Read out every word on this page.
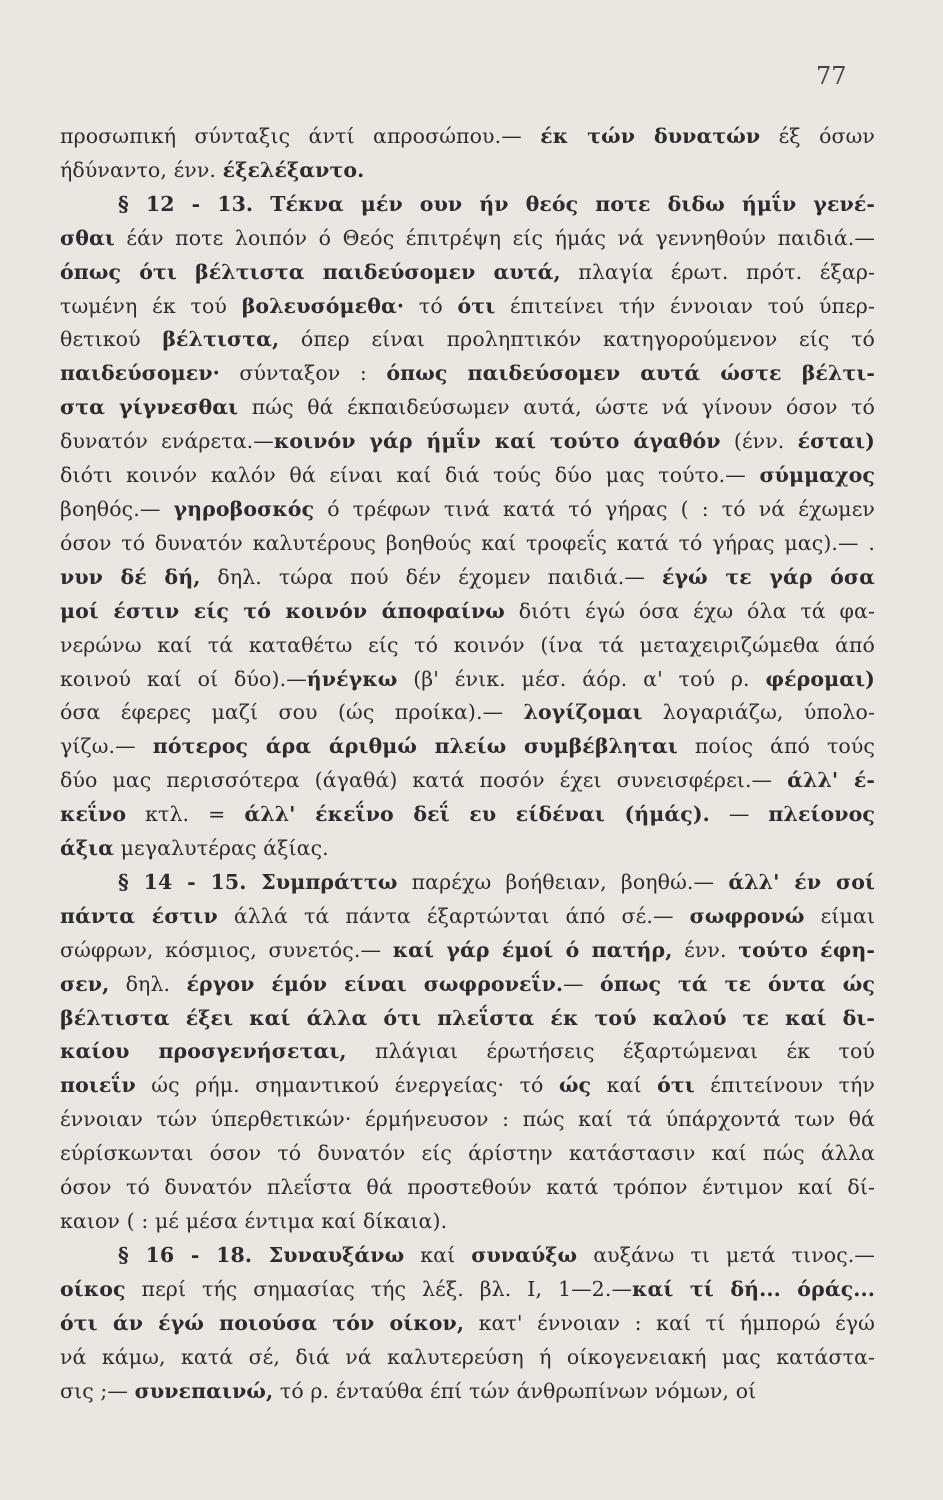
77
προσωπική σύνταξις άντί απροσώπου.— έκ τών δυνατών έξ όσων
ήδύναντο, ένν. έξελέξαντο.
§ 12 - 13. Τέκνα μέν ουν ήν θεός ποτε διδω ήμΐν γενέ-
σθαι έάν ποτε λοιπόν ό Θεός έπιτρέψη είς ήμάς νά γεννηθούν παιδιά.—
όπως ότι βέλτιστα παιδεύσομεν αυτά, πλαγία έρωτ. πρότ. έξαρ-
τωμένη έκ τού βολευσόμεθα· τό ότι έπιτείνει τήν έννοιαν τού ύπερ-
θετικού βέλτιστα, όπερ είναι προληπτικόν κατηγορούμενον είς τό
παιδεύσομεν· σύνταξον : όπως παιδεύσομεν αυτά ώστε βέλτι-
στα γίγνεσθαι πώς θά έκπαιδεύσωμεν αυτά, ώστε νά γίνουν όσον τό
δυνατόν ενάρετα.—κοινόν γάρ ήμΐν καί τούτο άγαθόν (ένν. έσται)
διότι κοινόν καλόν θά είναι καί διά τούς δύο μας τούτο.— σύμμαχος
βοηθός.— γηροβοσκός ό τρέφων τινά κατά τό γήρας ( : τό νά έχωμεν
όσον τό δυνατόν καλυτέρους βοηθούς καί τροφεΐς κατά τό γήρας μας).— .
νυν δέ δή, δηλ. τώρα πού δέν έχομεν παιδιά.— έγώ τε γάρ όσα
μοί έστιν είς τό κοινόν άποφαίνω διότι έγώ όσα έχω όλα τά φα-
νερώνω καί τά καταθέτω είς τό κοινόν (ίνα τά μεταχειριζώμεθα άπό
κοινού καί οί δύο).—ήνέγκω (β' ένικ. μέσ. άόρ. α' τού ρ. φέρομαι)
όσα έφερες μαζί σου (ώς προίκα).— λογίζομαι λογαριάζω, ύπολο-
γίζω.— πότερος άρα άριθμώ πλείω συμβέβληται ποίος άπό τούς
δύο μας περισσότερα (άγαθά) κατά ποσόν έχει συνεισφέρει.— άλλ' έ-
κεΐνο κτλ. = άλλ' έκεΐνο δεΐ ευ είδέναι (ήμάς). — πλείονος
άξια μεγαλυτέρας άξίας.
§ 14 - 15. Συμπράττω παρέχω βοήθειαν, βοηθώ.— άλλ' έν σοί
πάντα έστιν άλλά τά πάντα έξαρτώνται άπό σέ.— σωφρονώ είμαι
σώφρων, κόσμιος, συνετός.— καί γάρ έμοί ό πατήρ, ένν. τούτο έφη-
σεν, δηλ. έργον έμόν είναι σωφρονεΐν.— όπως τά τε όντα ώς
βέλτιστα έξει καί άλλα ότι πλεΐστα έκ τού καλού τε καί δι-
καίου προσγενήσεται, πλάγιαι έρωτήσεις έξαρτώμεναι έκ τού
ποιεΐν ώς ρήμ. σημαντικού ένεργείας· τό ώς καί ότι έπιτείνουν τήν
έννοιαν τών ύπερθετικών· έρμήνευσον : πώς καί τά ύπάρχοντά των θά
εύρίσκωνται όσον τό δυνατόν είς άρίστην κατάστασιν καί πώς άλλα
όσον τό δυνατόν πλεΐστα θά προστεθούν κατά τρόπον έντιμον καί δί-
καιον ( : μέ μέσα έντιμα καί δίκαια).
§ 16 - 18. Συναυξάνω καί συναύξω αυξάνω τι μετά τινος.—
οίκος περί τής σημασίας τής λέξ. βλ. Ι, 1—2.—καί τί δή... όράς...
ότι άν έγώ ποιούσα τόν οίκον, κατ' έννοιαν : καί τί ήμπορώ έγώ
νά κάμω, κατά σέ, διά νά καλυτερεύση ή οίκογενειακή μας κατάστα-
σις ;— συνεπαινώ, τό ρ. ένταύθα έπί τών άνθρωπίνων νόμων, οί
